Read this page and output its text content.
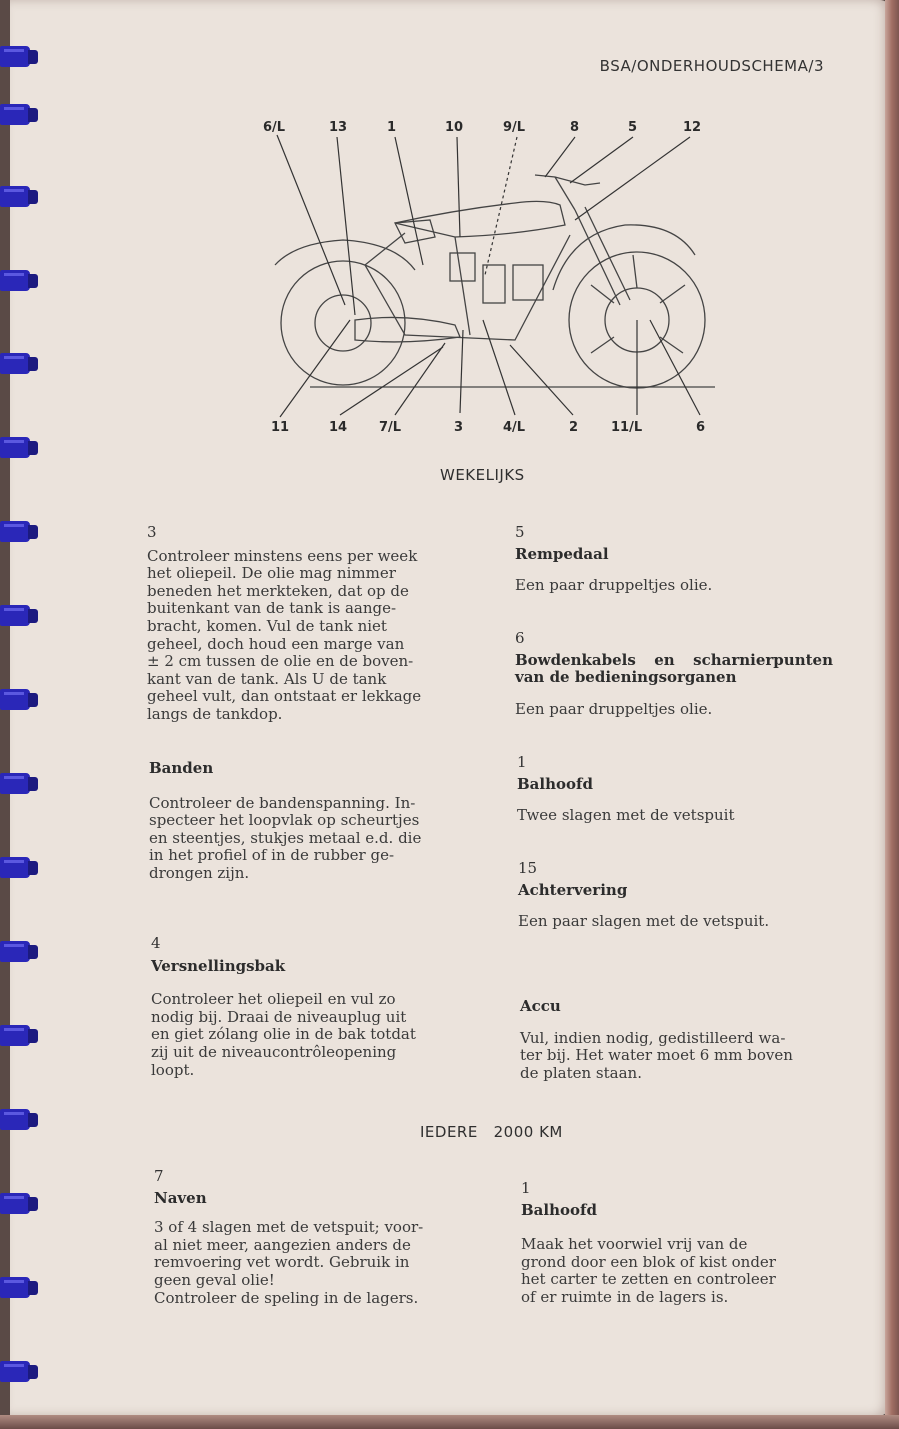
BSA/ONDERHOUDSCHEMA/3
6/L	13	1	10	9/L	8	5	12
11	14 7/L	3	4/L	2	11/L	6
WEKELIJKS
3
Controleer minstens eens per week
het oliepeil. De olie mag nimmer
beneden het merkteken, dat op de
buitenkant van de tank is aange-
bracht, komen. Vul de tank niet
geheel, doch houd een marge van
± 2 cm tussen de olie en de boven-
kant van de tank. Als U de tank
geheel vult, dan ontstaat er lekkage
langs de tankdop.
Banden
Controleer de bandenspanning. In-
specteer het loopvlak op scheurtjes
en steentjes, stukjes metaal e.d. die
in het profiel of in de rubber ge-
drongen zijn.
4
Versnellingsbak
Controleer het oliepeil en vul zo
nodig bij. Draai de niveauplug uit
en giet zólang olie in de bak totdat
zij uit de niveaucontrôleopening
loopt.
5
Rempedaal
Een paar druppeltjes olie.
6
Bowdenkabels en scharnierpunten van de bedieningsorganen
Een paar druppeltjes olie.
1
Balhoofd
Twee slagen met de vetspuit
15
Achtervering
Een paar slagen met de vetspuit.
Accu
Vul, indien nodig, gedistilleerd wa-
ter bij. Het water moet 6 mm boven
de platen staan.
IEDERE   2000 KM
7
Naven
3 of 4 slagen met de vetspuit; voor-
al niet meer, aangezien anders de
remvoering vet wordt. Gebruik in
geen geval olie!
Controleer de speling in de lagers.
1
Balhoofd
Maak het voorwiel vrij van de
grond door een blok of kist onder
het carter te zetten en controleer
of er ruimte in de lagers is.
